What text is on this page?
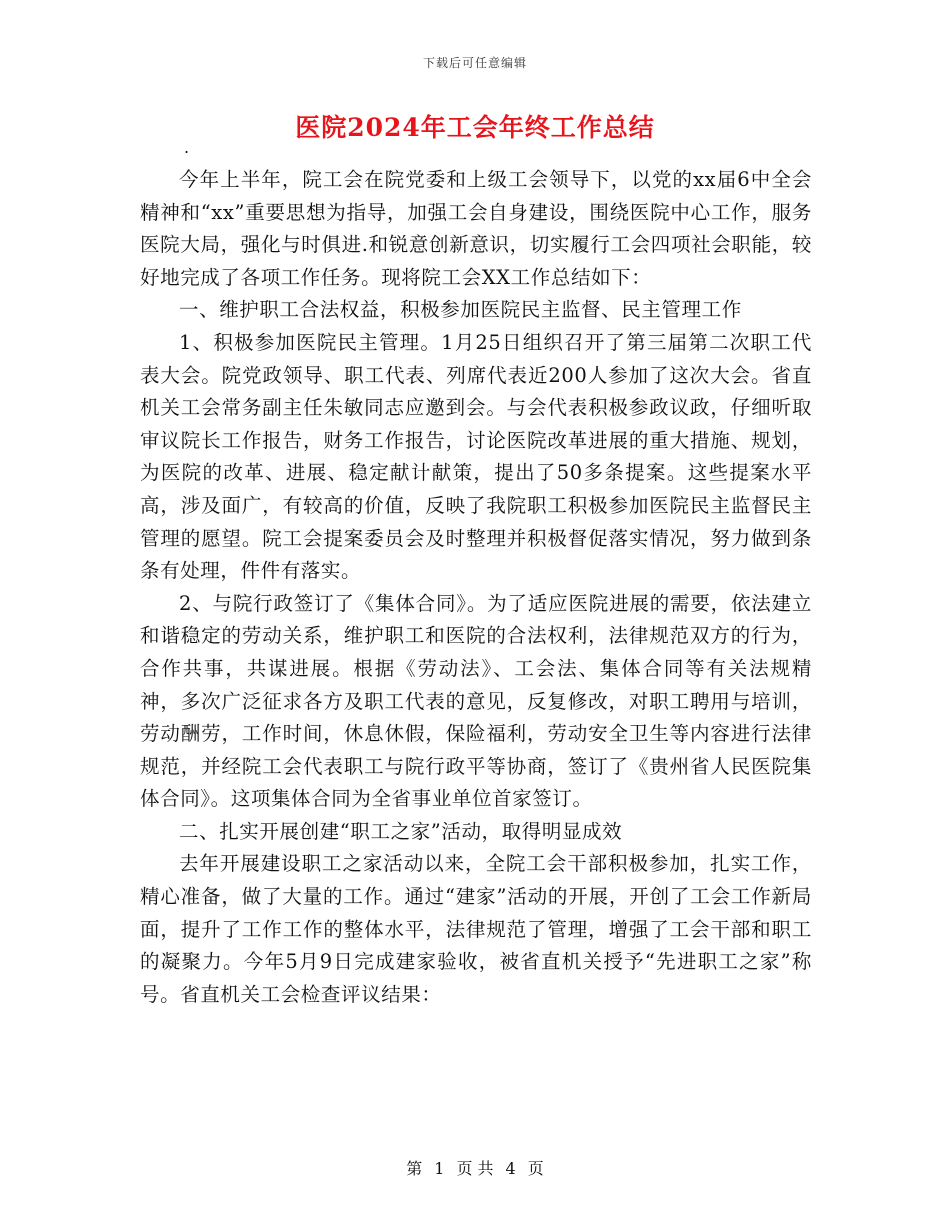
下载后可任意编辑
医院2024年工会年终工作总结
.

今年上半年，院工会在院党委和上级工会领导下，以党的xx届6中全会精神和“xx”重要思想为指导，加强工会自身建设，围绕医院中心工作，服务医院大局，强化与时俱进.和锐意创新意识，切实履行工会四项社会职能，较好地完成了各项工作任务。现将院工会XX工作总结如下：

一、维护职工合法权益，积极参加医院民主监督、民主管理工作

1、积极参加医院民主管理。1月25日组织召开了第三届第二次职工代表大会。院党政领导、职工代表、列席代表近200人参加了这次大会。省直机关工会常务副主任朱敏同志应邀到会。与会代表积极参政议政，仔细听取审议院长工作报告，财务工作报告，讨论医院改革进展的重大措施、规划，为医院的改革、进展、稳定献计献策，提出了50多条提案。这些提案水平高，涉及面广，有较高的价值，反映了我院职工积极参加医院民主监督民主管理的愿望。院工会提案委员会及时整理并积极督促落实情况，努力做到条条有处理，件件有落实。

2、与院行政签订了《集体合同》。为了适应医院进展的需要，依法建立和谐稳定的劳动关系，维护职工和医院的合法权利，法律规范双方的行为，合作共事，共谋进展。根据《劳动法》、工会法、集体合同等有关法规精神，多次广泛征求各方及职工代表的意见，反复修改，对职工聘用与培训，劳动酬劳，工作时间，休息休假，保险福利，劳动安全卫生等内容进行法律规范，并经院工会代表职工与院行政平等协商，签订了《贵州省人民医院集体合同》。这项集体合同为全省事业单位首家签订。

二、扎实开展创建“职工之家”活动，取得明显成效

去年开展建设职工之家活动以来，全院工会干部积极参加，扎实工作，精心准备，做了大量的工作。通过“建家”活动的开展，开创了工会工作新局面，提升了工作工作的整体水平，法律规范了管理，增强了工会干部和职工的凝聚力。今年5月9日完成建家验收，被省直机关授予“先进职工之家”称号。省直机关工会检查评议结果：

第 1 页 共 4 页
